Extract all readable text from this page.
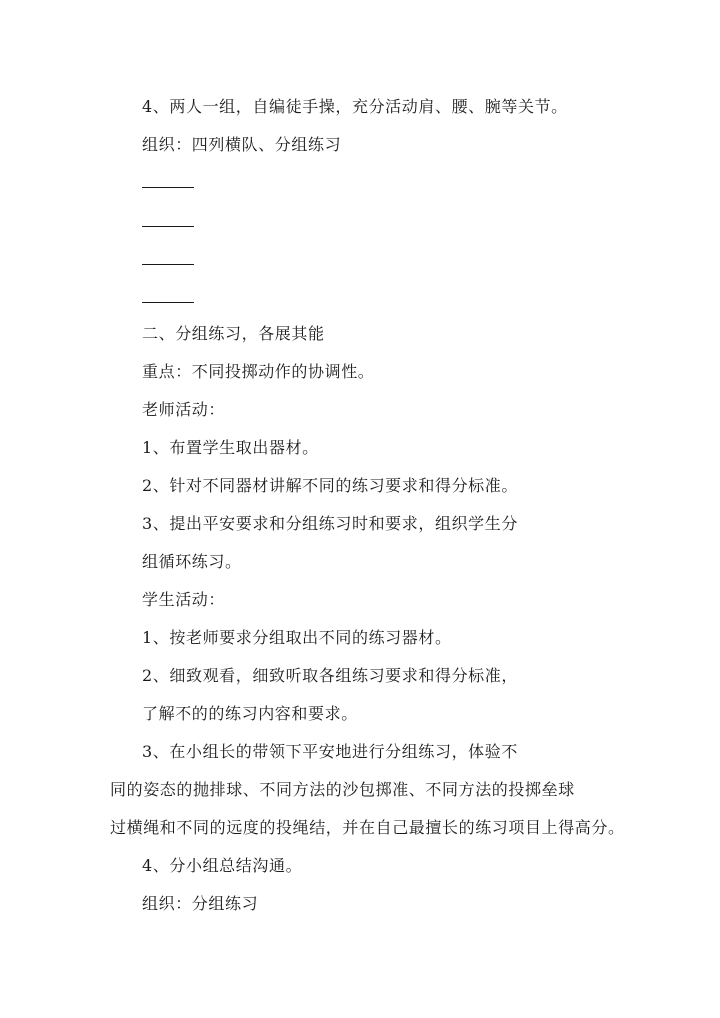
4、两人一组，自编徒手操，充分活动肩、腰、腕等关节。
组织：四列横队、分组练习
二、分组练习，各展其能
重点：不同投掷动作的协调性。
老师活动：
1、布置学生取出器材。
2、针对不同器材讲解不同的练习要求和得分标准。
3、提出平安要求和分组练习时和要求，组织学生分
组循环练习。
学生活动：
1、按老师要求分组取出不同的练习器材。
2、细致观看，细致听取各组练习要求和得分标准，
了解不的的练习内容和要求。
3、在小组长的带领下平安地进行分组练习，体验不
同的姿态的抛排球、不同方法的沙包掷准、不同方法的投掷垒球
过横绳和不同的远度的投绳结，并在自己最擅长的练习项目上得高分。
4、分小组总结沟通。
组织：分组练习
